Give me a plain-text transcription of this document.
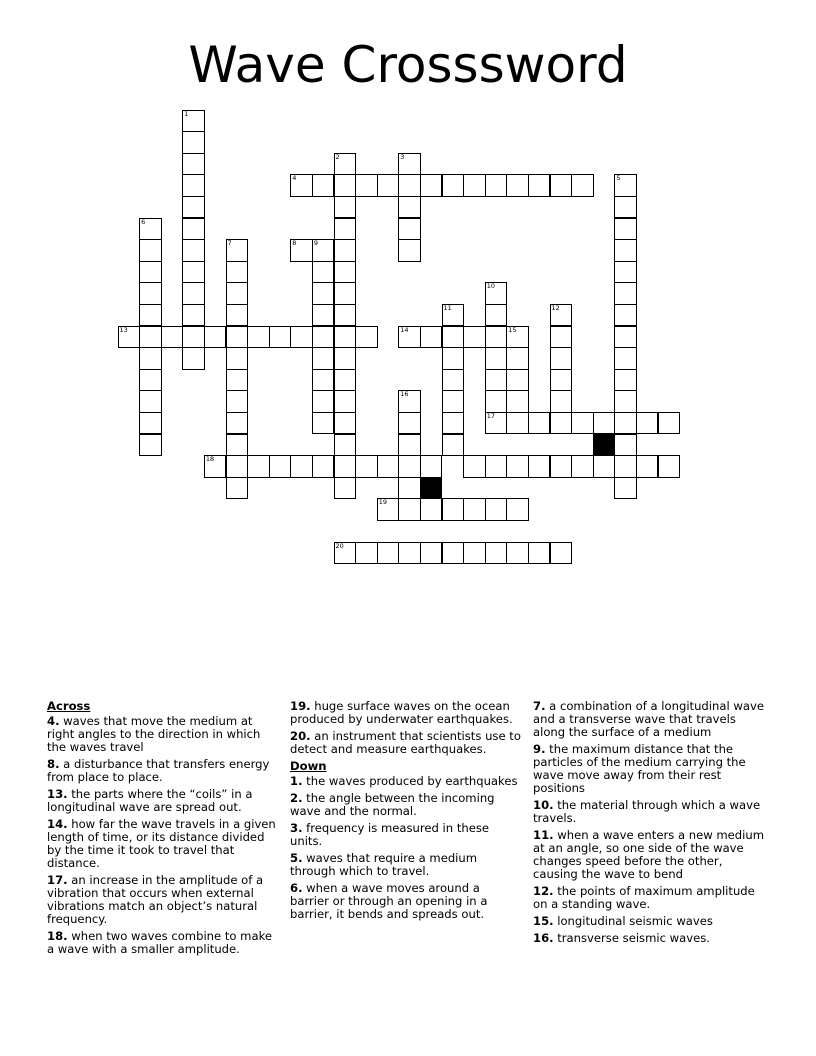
Wave Crosssword
1
2	3
4	5
6
7	8	9
10
11	12
13	14	15
16
17
18
19
20
Across
4. waves that move the medium at right angles to the direction in which the waves travel
8. a disturbance that transfers energy from place to place.
13. the parts where the “coils” in a longitudinal wave are spread out.
14. how far the wave travels in a given length of time, or its distance divided by the time it took to travel that distance.
17. an increase in the amplitude of a vibration that occurs when external vibrations match an object’s natural frequency.
18. when two waves combine to make a wave with a smaller amplitude.
19. huge surface waves on the ocean produced by underwater earthquakes.
20. an instrument that scientists use to detect and measure earthquakes.
Down
1. the waves produced by earthquakes
2. the angle between the incoming wave and the normal.
3. frequency is measured in these units.
5. waves that require a medium through which to travel.
6. when a wave moves around a barrier or through an opening in a barrier, it bends and spreads out.
7. a combination of a longitudinal wave and a transverse wave that travels along the surface of a medium
9. the maximum distance that the particles of the medium carrying the wave move away from their rest positions
10. the material through which a wave travels.
11. when a wave enters a new medium at an angle, so one side of the wave changes speed before the other, causing the wave to bend
12. the points of maximum amplitude on a standing wave.
15. longitudinal seismic waves
16. transverse seismic waves.
